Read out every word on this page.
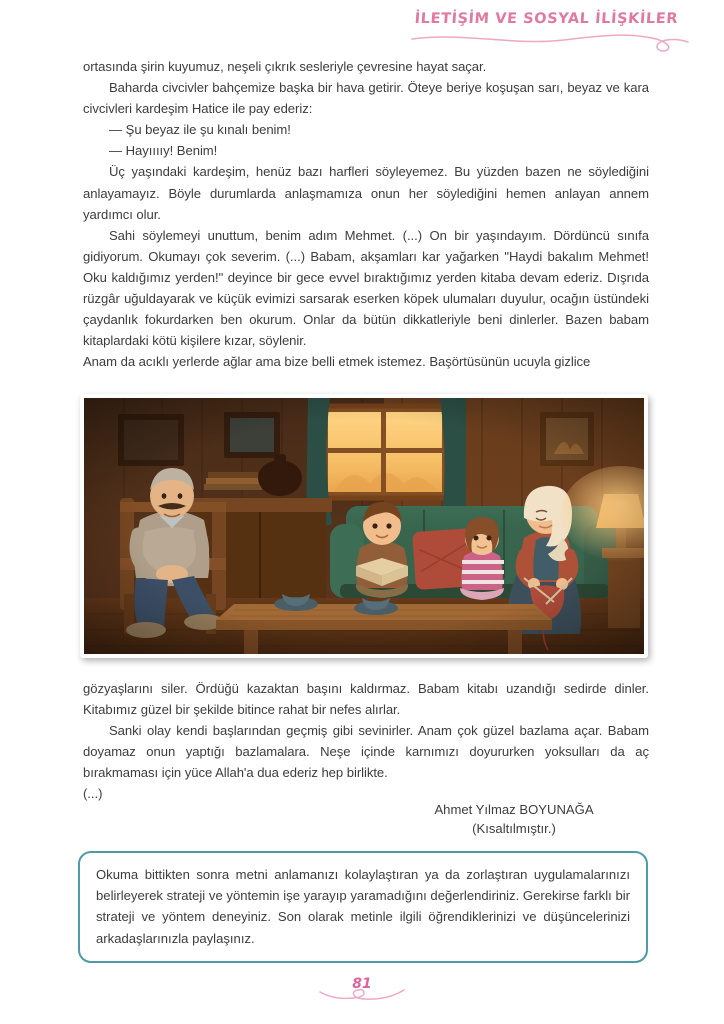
İLETİŞİM VE SOSYAL İLİŞKİLER

ortasında şirin kuyumuz, neşeli çıkrık sesleriyle çevresine hayat saçar.

Baharda civcivler bahçemize başka bir hava getirir. Öteye beriye koşuşan sarı, beyaz ve kara civcivleri kardeşim Hatice ile pay ederiz:

— Şu beyaz ile şu kınalı benim!

— Hayııııy! Benim!

Üç yaşındaki kardeşim, henüz bazı harfleri söyleyemez. Bu yüzden bazen ne söylediğini anlayamayız. Böyle durumlarda anlaşmamıza onun her söylediğini hemen anlayan annem yardımcı olur.

Sahi söylemeyi unuttum, benim adım Mehmet. (...) On bir yaşındayım. Dördüncü sınıfa gidiyorum. Okumayı çok severim. (...) Babam, akşamları kar yağarken "Haydi bakalım Mehmet! Oku kaldığımız yerden!" deyince bir gece evvel bıraktığımız yerden kitaba devam ederiz. Dışrıda rüzgâr uğuldayarak ve küçük evimizi sarsarak eserken köpek ulumaları duyulur, ocağın üstündeki çaydanlık fokurdarken ben okurum. Onlar da bütün dikkatleriyle beni dinlerler. Bazen babam kitaplardaki kötü kişilere kızar, söylenir.

Anam da acıklı yerlerde ağlar ama bize belli etmek istemez. Başörtüsünün ucuyla gizlice

gözyaşlarını siler. Ördüğü kazaktan başını kaldırmaz. Babam kitabı uzandığı sedirde dinler. Kitabımız güzel bir şekilde bitince rahat bir nefes alırlar.

Sanki olay kendi başlarından geçmiş gibi sevinirler. Anam çok güzel bazlama açar. Babam doyamaz onun yaptığı bazlamalara. Neşe içinde karnımızı doyururken yoksulları da aç bırakmaması için yüce Allah'a dua ederiz hep birlikte.

(...)

Ahmet Yılmaz BOYUNAĞA
(Kısaltılmıştır.)

Okuma bittikten sonra metni anlamanızı kolaylaştıran ya da zorlaştıran uygulamalarınızı belirleyerek strateji ve yöntemin işe yarayıp yaramadığını değerlendiriniz. Gerekirse farklı bir strateji ve yöntem deneyiniz. Son olarak metinle ilgili öğrendiklerinizi ve düşüncelerinizi arkadaşlarınızla paylaşınız.

81
